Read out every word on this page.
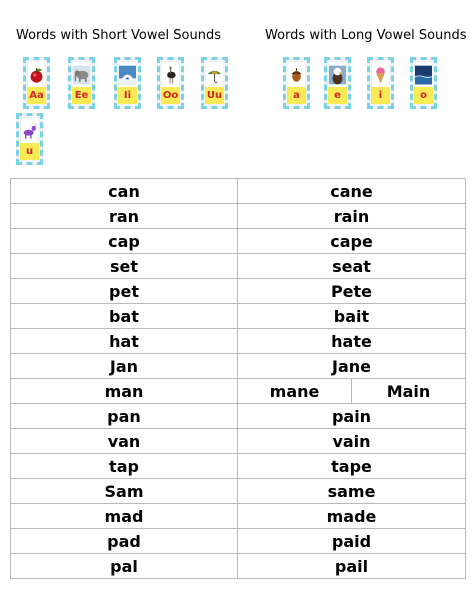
Words with Short Vowel Sounds	Words with Long Vowel Sounds
Aa	Ee	Ii	Oo	Uu
u
a	e	i	o
can	cane	
ran	rain	
cap	cape	
set	seat	
pet	Pete	
bat	bait	
hat	hate	
Jan	Jane	
man	mane	Main
pan	pain	
van	vain	
tap	tape	
Sam	same	
mad	made	
pad	paid	
pal	pail	
